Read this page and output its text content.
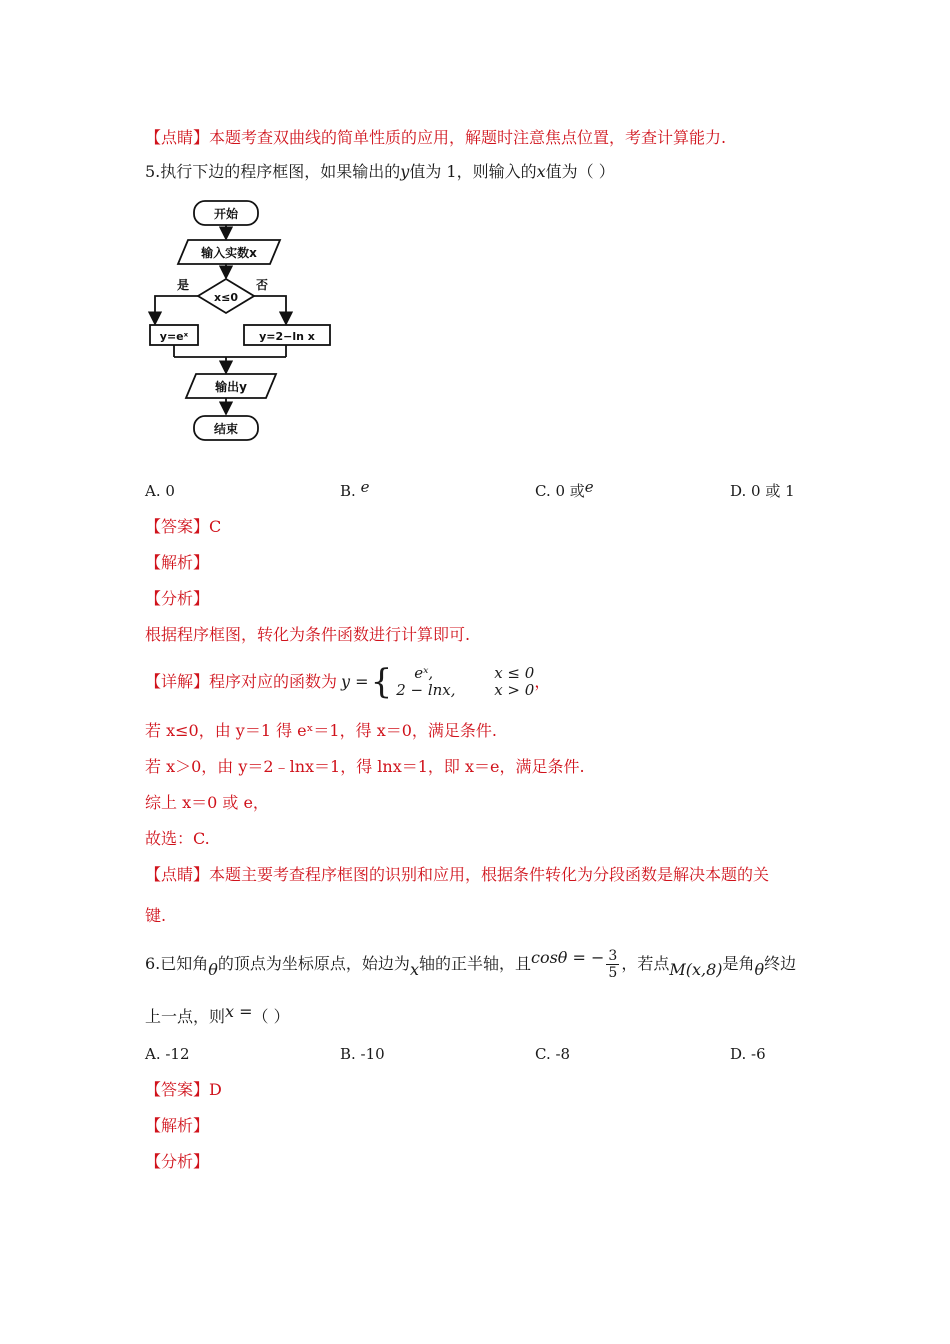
【点睛】本题考查双曲线的简单性质的应用，解题时注意焦点位置，考查计算能力.
5.执行下边的程序框图，如果输出的y值为 1，则输入的x值为（ ）
开始
输入实数x
x≤0
是	否
y=eˣ	y=2−ln x
输出y
结束
A. 0	B. e	C. 0 或e	D. 0 或 1
【答案】C
【解析】
【分析】
根据程序框图，转化为条件函数进行计算即可.
【详解】 程序对应的函数为 y = {	eˣ,	x ≤ 0
2 − lnx,	x > 0 ，
若 x≤0，由 y＝1 得 eˣ＝1，得 x＝0，满足条件.
若 x＞0，由 y＝2﹣lnx＝1，得 lnx＝1，即 x＝e，满足条件.
综上 x＝0 或 e，
故选：C.
【点睛】本题主要考查程序框图的识别和应用，根据条件转化为分段函数是解决本题的关
键.
6.已知角 θ 的顶点为坐标原点，始边为 x 轴的正半轴，且 cosθ = − $\frac{3}{5}$ ，若点 M(x,8) 是角 θ 终边
上一点，则x =（ ）
A. -12	B. -10	C. -8	D. -6
【答案】D
【解析】
【分析】
